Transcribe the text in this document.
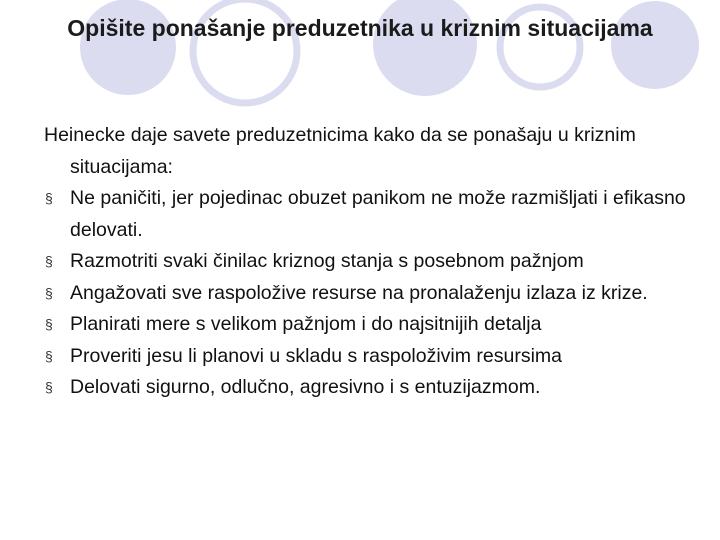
Opišite ponašanje preduzetnika u kriznim situacijama
Heinecke daje savete preduzetnicima kako da se ponašaju u kriznim situacijama:
§ Ne paničiti, jer pojedinac obuzet panikom ne može razmišljati i efikasno delovati.
§ Razmotriti svaki činilac kriznog stanja s posebnom pažnjom
§ Angažovati sve raspoložive resurse na pronalaženju izlaza iz krize.
§ Planirati mere s velikom pažnjom i do najsitnijih detalja
§ Proveriti jesu li planovi u skladu s raspoloživim resursima
§ Delovati sigurno, odlučno, agresivno i s entuzijazmom.
